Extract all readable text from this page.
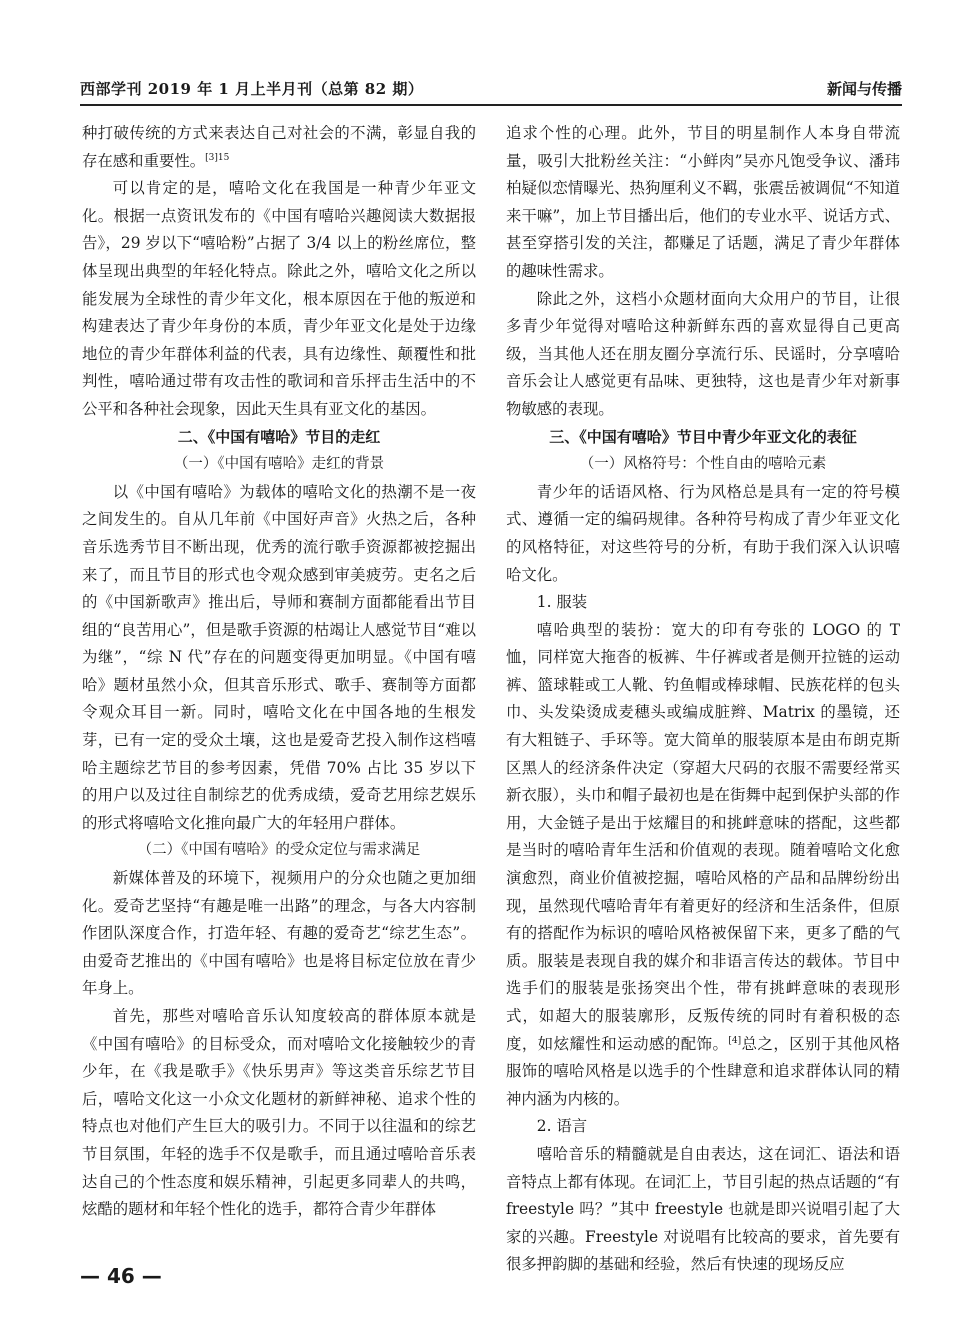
西部学刊 2019 年 1 月上半月刊（总第 82 期）	新闻与传播

种打破传统的方式来表达自己对社会的不满，彰显自我的存在感和重要性。$^{[3]15}$

可以肯定的是，嘻哈文化在我国是一种青少年亚文化。根据一点资讯发布的《中国有嘻哈兴趣阅读大数据报告》，29 岁以下“嘻哈粉”占据了 3/4 以上的粉丝席位，整体呈现出典型的年轻化特点。除此之外，嘻哈文化之所以能发展为全球性的青少年文化，根本原因在于他的叛逆和构建表达了青少年身份的本质，青少年亚文化是处于边缘地位的青少年群体利益的代表，具有边缘性、颠覆性和批判性，嘻哈通过带有攻击性的歌词和音乐抨击生活中的不公平和各种社会现象，因此天生具有亚文化的基因。

二、《中国有嘻哈》节目的走红

（一）《中国有嘻哈》走红的背景

以《中国有嘻哈》为载体的嘻哈文化的热潮不是一夜之间发生的。自从几年前《中国好声音》火热之后，各种音乐选秀节目不断出现，优秀的流行歌手资源都被挖掘出来了，而且节目的形式也令观众感到审美疲劳。吏名之后的《中国新歌声》推出后，导师和赛制方面都能看出节目组的“良苦用心”，但是歌手资源的枯竭让人感觉节目“难以为继”，“综 N 代”存在的问题变得更加明显。《中国有嘻哈》题材虽然小众，但其音乐形式、歌手、赛制等方面都令观众耳目一新。同时，嘻哈文化在中国各地的生根发芽，已有一定的受众土壤，这也是爱奇艺投入制作这档嘻哈主题综艺节目的参考因素，凭借 70% 占比 35 岁以下的用户以及过往自制综艺的优秀成绩，爱奇艺用综艺娱乐的形式将嘻哈文化推向最广大的年轻用户群体。

（二）《中国有嘻哈》的受众定位与需求满足

新媒体普及的环境下，视频用户的分众也随之更加细化。爱奇艺坚持“有趣是唯一出路”的理念，与各大内容制作团队深度合作，打造年轻、有趣的爱奇艺“综艺生态”。由爱奇艺推出的《中国有嘻哈》也是将目标定位放在青少年身上。

首先，那些对嘻哈音乐认知度较高的群体原本就是《中国有嘻哈》的目标受众，而对嘻哈文化接触较少的青少年，在《我是歌手》《快乐男声》等这类音乐综艺节目后，嘻哈文化这一小众文化题材的新鲜神秘、追求个性的特点也对他们产生巨大的吸引力。不同于以往温和的综艺节目氛围，年轻的选手不仅是歌手，而且通过嘻哈音乐表达自己的个性态度和娱乐精神，引起更多同辈人的共鸣，炫酷的题材和年轻个性化的选手，都符合青少年群体

追求个性的心理。此外，节目的明星制作人本身自带流量，吸引大批粉丝关注：“小鲜肉”吴亦凡饱受争议、潘玮柏疑似恋情曝光、热狗厘利义不羁，张震岳被调侃“不知道来干嘛”，加上节目播出后，他们的专业水平、说话方式、甚至穿搭引发的关注，都赚足了话题，满足了青少年群体的趣味性需求。

除此之外，这档小众题材面向大众用户的节目，让很多青少年觉得对嘻哈这种新鲜东西的喜欢显得自己更高级，当其他人还在朋友圈分享流行乐、民谣时，分享嘻哈音乐会让人感觉更有品味、更独特，这也是青少年对新事物敏感的表现。

三、《中国有嘻哈》节目中青少年亚文化的表征

（一）风格符号：个性自由的嘻哈元素

青少年的话语风格、行为风格总是具有一定的符号模式、遵循一定的编码规律。各种符号构成了青少年亚文化的风格特征，对这些符号的分析，有助于我们深入认识嘻哈文化。

1. 服装

嘻哈典型的装扮：宽大的印有夸张的 LOGO 的 T 恤，同样宽大拖沓的板裤、牛仔裤或者是侧开拉链的运动裤、篮球鞋或工人靴、钓鱼帽或棒球帽、民族花样的包头巾、头发染烫成麦穗头或编成脏辫、Matrix 的墨镜，还有大粗链子、手环等。宽大简单的服装原本是由布朗克斯区黑人的经济条件决定（穿超大尺码的衣服不需要经常买新衣服），头巾和帽子最初也是在街舞中起到保护头部的作用，大金链子是出于炫耀目的和挑衅意味的搭配，这些都是当时的嘻哈青年生活和价值观的表现。随着嘻哈文化愈演愈烈，商业价值被挖掘，嘻哈风格的产品和品牌纷纷出现，虽然现代嘻哈青年有着更好的经济和生活条件，但原有的搭配作为标识的嘻哈风格被保留下来，更多了酷的气质。服装是表现自我的媒介和非语言传达的载体。节目中选手们的服装是张扬突出个性，带有挑衅意味的表现形式，如超大的服装廓形，反叛传统的同时有着积极的态度，如炫耀性和运动感的配饰。[4]总之，区别于其他风格服饰的嘻哈风格是以选手的个性肆意和追求群体认同的精神内涵为内核的。

2. 语言

嘻哈音乐的精髓就是自由表达，这在词汇、语法和语音特点上都有体现。在词汇上，节目引起的热点话题的“有 freestyle 吗？”其中 freestyle 也就是即兴说唱引起了大家的兴趣。Freestyle 对说唱有比较高的要求，首先要有很多押韵脚的基础和经验，然后有快速的现场反应

— 46 —
